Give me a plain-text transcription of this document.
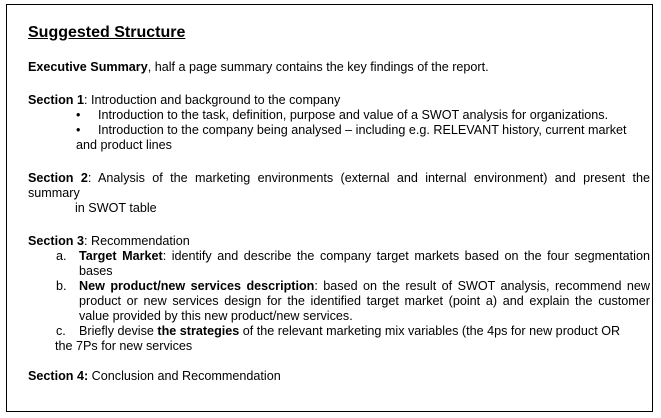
Suggested Structure

Executive Summary, half a page summary contains the key findings of the report.

Section 1: Introduction and background to the company

• Introduction to the task, definition, purpose and value of a SWOT analysis for organizations.
• Introduction to the company being analysed – including e.g. RELEVANT history, current market

and product lines

Section 2: Analysis of the marketing environments (external and internal environment) and present the summary

in SWOT table

Section 3: Recommendation

a. Target Market: identify and describe the company target markets based on the four segmentation bases
b. New product/new services description: based on the result of SWOT analysis, recommend new product or new services design for the identified target market (point a) and explain the customer value provided by this new product/new services.
c. Briefly devise the strategies of the relevant marketing mix variables (the 4ps for new product OR

the 7Ps for new services

Section 4: Conclusion and Recommendation
